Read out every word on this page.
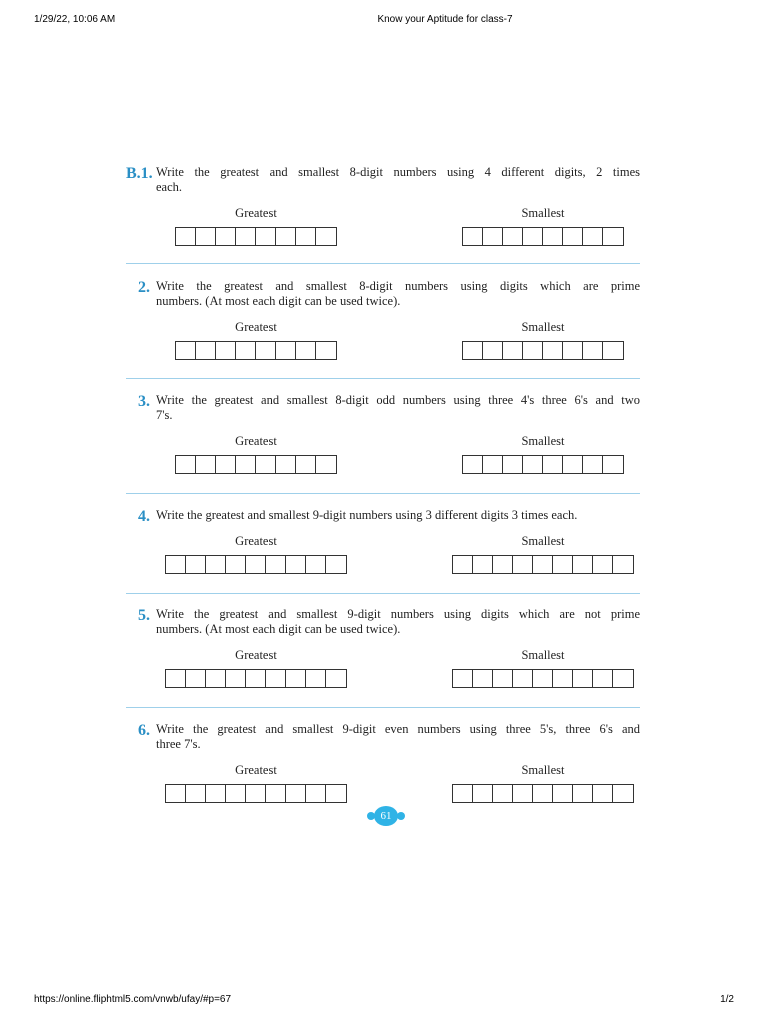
1/29/22, 10:06 AM	Know your Aptitude for class-7
B.1. Write the greatest and smallest 8-digit numbers using 4 different digits, 2 times
each.
Greatest	Smallest
2. Write the greatest and smallest 8-digit numbers using digits which are prime
numbers. (At most each digit can be used twice).
Greatest	Smallest
3. Write the greatest and smallest 8-digit odd numbers using three 4's three 6's and two
7's.
Greatest	Smallest
4. Write the greatest and smallest 9-digit numbers using 3 different digits 3 times each.
Greatest	Smallest
5. Write the greatest and smallest 9-digit numbers using digits which are not prime
numbers. (At most each digit can be used twice).
Greatest	Smallest
6. Write the greatest and smallest 9-digit even numbers using three 5's, three 6's and
three 7's.
Greatest	Smallest
61
https://online.fliphtml5.com/vnwb/ufay/#p=67	1/2
